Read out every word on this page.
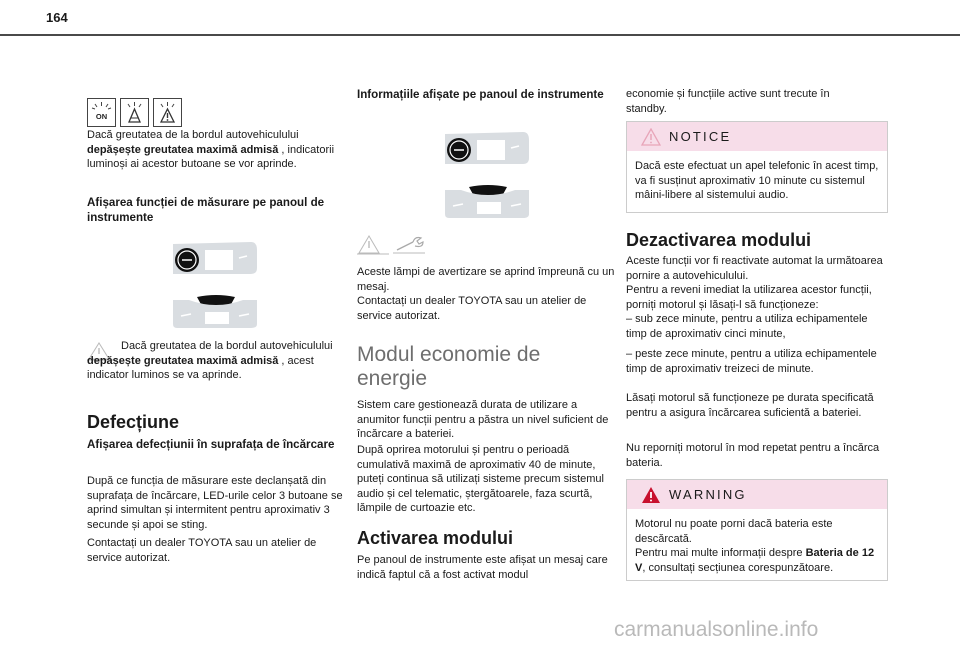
164
ON

Dacă greutatea de la bordul autovehiculului depășește greutatea maximă admisă , indicatorii luminoși ai acestor butoane se vor aprinde.

Afișarea funcției de măsurare pe panoul de instrumente

Dacă greutatea de la bordul autovehiculului depășește greutatea maximă admisă , acest indicator luminos se va aprinde.

Defecțiune

Afișarea defecțiunii în suprafața de încărcare

După ce funcția de măsurare este declanșată din suprafața de încărcare, LED-urile celor 3 butoane se aprind simultan și intermitent pentru aproximativ 3 secunde și apoi se sting.

Contactați un dealer TOYOTA sau un atelier de service autorizat.

Informațiile afișate pe panoul de instrumente

Aceste lămpi de avertizare se aprind împreună cu un mesaj.

Contactați un dealer TOYOTA sau un atelier de service autorizat.

Modul economie de energie

Sistem care gestionează durata de utilizare a anumitor funcții pentru a păstra un nivel suficient de încărcare a bateriei.

După oprirea motorului și pentru o perioadă cumulativă maximă de aproximativ 40 de minute, puteți continua să utilizați sisteme precum sistemul audio și cel telematic, ștergătoarele, faza scurtă, lămpile de curtoazie etc.

Activarea modului

Pe panoul de instrumente este afișat un mesaj care indică faptul că a fost activat modul

economie și funcțiile active sunt trecute în standby.

NOTICE
Dacă este efectuat un apel telefonic în acest timp, va fi susținut aproximativ 10 minute cu sistemul mâini-libere al sistemului audio.

Dezactivarea modului

Aceste funcții vor fi reactivate automat la următoarea pornire a autovehiculului.

Pentru a reveni imediat la utilizarea acestor funcții, porniți motorul și lăsați-l să funcționeze:

– sub zece minute, pentru a utiliza echipamentele timp de aproximativ cinci minute,

– peste zece minute, pentru a utiliza echipamentele timp de aproximativ treizeci de minute.

Lăsați motorul să funcționeze pe durata specificată pentru a asigura încărcarea suficientă a bateriei.

Nu reporniți motorul în mod repetat pentru a încărca bateria.

WARNING
Motorul nu poate porni dacă bateria este descărcată.
Pentru mai multe informații despre Bateria de 12 V, consultați secțiunea corespunzătoare.
carmanualsonline.info
